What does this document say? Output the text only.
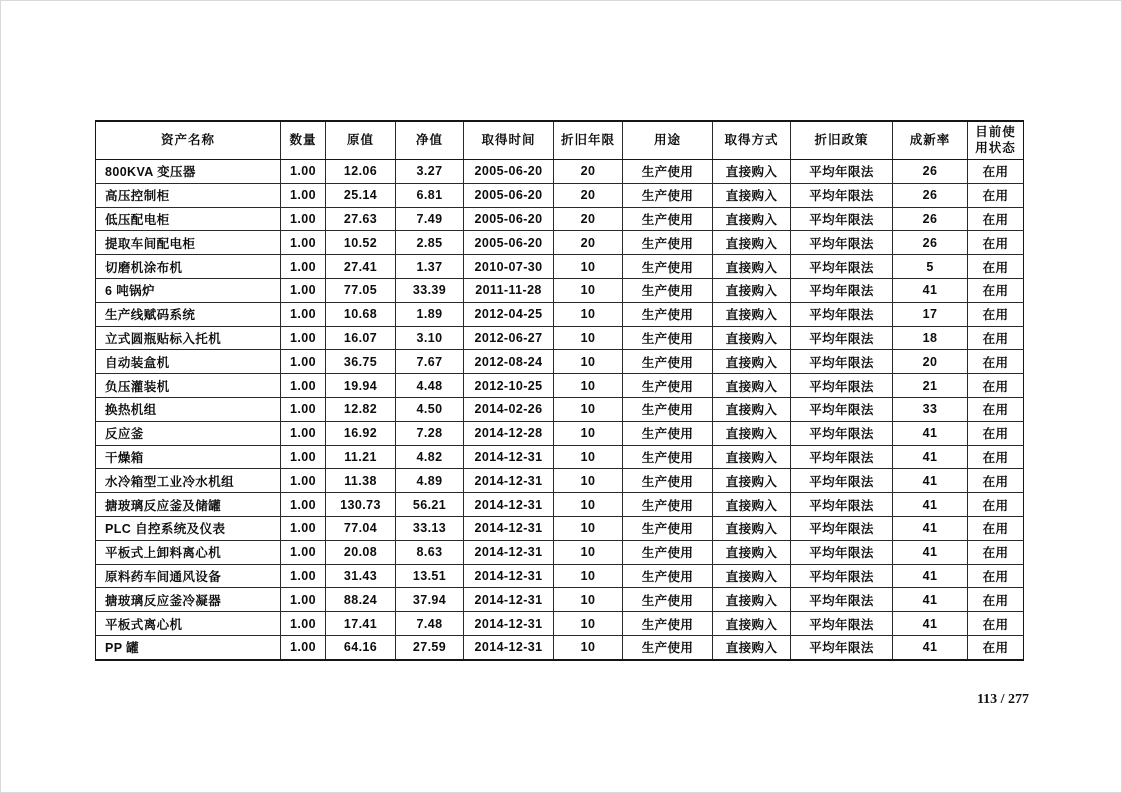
资产名称	数量	原值	净值	取得时间	折旧年限	用途	取得方式	折旧政策	成新率	目前使用状态
800KVA 变压器	1.00	12.06	3.27	2005-06-20	20	生产使用	直接购入	平均年限法	26	在用
高压控制柜	1.00	25.14	6.81	2005-06-20	20	生产使用	直接购入	平均年限法	26	在用
低压配电柜	1.00	27.63	7.49	2005-06-20	20	生产使用	直接购入	平均年限法	26	在用
提取车间配电柜	1.00	10.52	2.85	2005-06-20	20	生产使用	直接购入	平均年限法	26	在用
切磨机涂布机	1.00	27.41	1.37	2010-07-30	10	生产使用	直接购入	平均年限法	5	在用
6 吨锅炉	1.00	77.05	33.39	2011-11-28	10	生产使用	直接购入	平均年限法	41	在用
生产线赋码系统	1.00	10.68	1.89	2012-04-25	10	生产使用	直接购入	平均年限法	17	在用
立式圆瓶贴标入托机	1.00	16.07	3.10	2012-06-27	10	生产使用	直接购入	平均年限法	18	在用
自动装盒机	1.00	36.75	7.67	2012-08-24	10	生产使用	直接购入	平均年限法	20	在用
负压灌装机	1.00	19.94	4.48	2012-10-25	10	生产使用	直接购入	平均年限法	21	在用
换热机组	1.00	12.82	4.50	2014-02-26	10	生产使用	直接购入	平均年限法	33	在用
反应釜	1.00	16.92	7.28	2014-12-28	10	生产使用	直接购入	平均年限法	41	在用
干燥箱	1.00	11.21	4.82	2014-12-31	10	生产使用	直接购入	平均年限法	41	在用
水冷箱型工业冷水机组	1.00	11.38	4.89	2014-12-31	10	生产使用	直接购入	平均年限法	41	在用
搪玻璃反应釜及储罐	1.00	130.73	56.21	2014-12-31	10	生产使用	直接购入	平均年限法	41	在用
PLC 自控系统及仪表	1.00	77.04	33.13	2014-12-31	10	生产使用	直接购入	平均年限法	41	在用
平板式上卸料离心机	1.00	20.08	8.63	2014-12-31	10	生产使用	直接购入	平均年限法	41	在用
原料药车间通风设备	1.00	31.43	13.51	2014-12-31	10	生产使用	直接购入	平均年限法	41	在用
搪玻璃反应釜冷凝器	1.00	88.24	37.94	2014-12-31	10	生产使用	直接购入	平均年限法	41	在用
平板式离心机	1.00	17.41	7.48	2014-12-31	10	生产使用	直接购入	平均年限法	41	在用
PP 罐	1.00	64.16	27.59	2014-12-31	10	生产使用	直接购入	平均年限法	41	在用
113 / 277
